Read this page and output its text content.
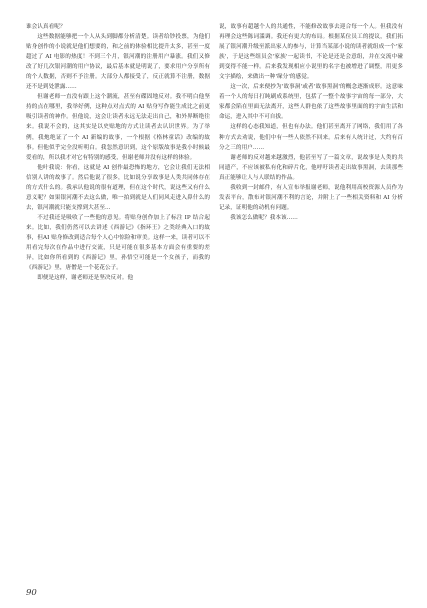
谁会认真看呢？

这些数据能够把一个人从头到脚都分析清楚。读者给钞投票，为他们贴身创作的小说就是他们想要的，和之前的体验相比提升太多，甚至一度超过了 AI 电影的热度！不到三个月，银河潮的注册用户暴涨。我们又修改了好几次银河潮的用户协议，最后基本就是明说了，要求用户分享所有的个人数据，否则不予注册。大部分人都接受了，反正就算不注册，数据还不是到处泄露……

但谢老师一直没有跟上这个潮流，甚至有碟固地反对。我不明白他坚持的点在哪里，我举好例，这种点对点式的 AI 贴身写作能生成比之前更吸引读者的神作。但他说，这会让读者永远无法走出自己，和外界断绝往来。我说不会的，这其实是以史贴地的方式让读者去认识世界。为了举例，我炮绝证了一个 AI 新编的故事，一个根据《格林童话》改编的故事。但他似乎完全没听明白。我忽然意识到，这个原版故事是我小时候最爱看的，所以我才对它有特别的感受，但谢老师并没有这样的体验。

他叶我说：你看，这就是 AI 创作最恐怖的地方，它会让我们无法相信别人讲的故事了。然后他说了很多，比如说分享故事是人类共同体存在的方式什么的。我承认他说的很有道理，但在这个时代，说这些又有什么意义呢？如果银河潮不去这么做，唯一拍到就是人们同风走进入鼻什么的去，银河潮就只能支撑到大甚至...

不过我还是吸收了一些他的意见。将贴身创作加上了标注 IP 结合起来。比如，我们仍然可以去讲述《西游记》《指环王》之类经典入口的故事，但AI 贴身修改到适合每个人心中惊险和审美。这样一来，读者可以不用看完每次在作品中进行交流，只是可能在很多基本方面会有重要的差异，比如你所看到的《西游记》里，孙悟空可能是一个女孩子，而我的《西游记》里，唐僧是一个花花公子。

即便是这样，谢老师还是坚决反对。他

说，故事有超越个人的共通性，不能修改故事去迎合每一个人。但我没有再理会这些陈词滥调。我还有更大的布局。根据某位员工的提议，我们拓展了银河潮升级至派出家人的参与，计算当某部小说的读者就组成一个'家族'，于是这些组员会'家族'一起读书，不论是还是会意组，并在交流中碰到变得不能一样。后来我发现相应小说里的名字也被增进了调整，用更多文字描绘，来做出一种'缘分'的感觉。

这一次，后来便抄为'故事洞'或者'故事黑洞'的概念逐渐成形。这意味着一个人的每日打盹刷成系统里，包括了一整个故事宇宙的每一部分，大家都会陷在里面无法离开，这些人群也依了这些故事里面的的宇宙生活和命运，进入其中不可自拔。

这样的心态我知道，但也有办法。他们甚至离开了网络，我们用了各种方式去劝说，他们中有一些人依然不回来。后来有人统计过，大约有百分之三的用户……

谢老师的反对越来越激烈，他甚至写了一篇文章，说故事是人类的共同遗产，不应该被私有化和碎片化，他呼吁读者走出故事黑洞，去读那些真正能够让人与人联结的作品。

我收到一封邮件，有人宣布举报谢老师，说他利用高校资源人员作为发表平台，散布对银河潮不利的言论，并附上了一些相关资料和 AI 分析记录，证明他的动机有问题。

我该怎么做呢？我本该……

90
